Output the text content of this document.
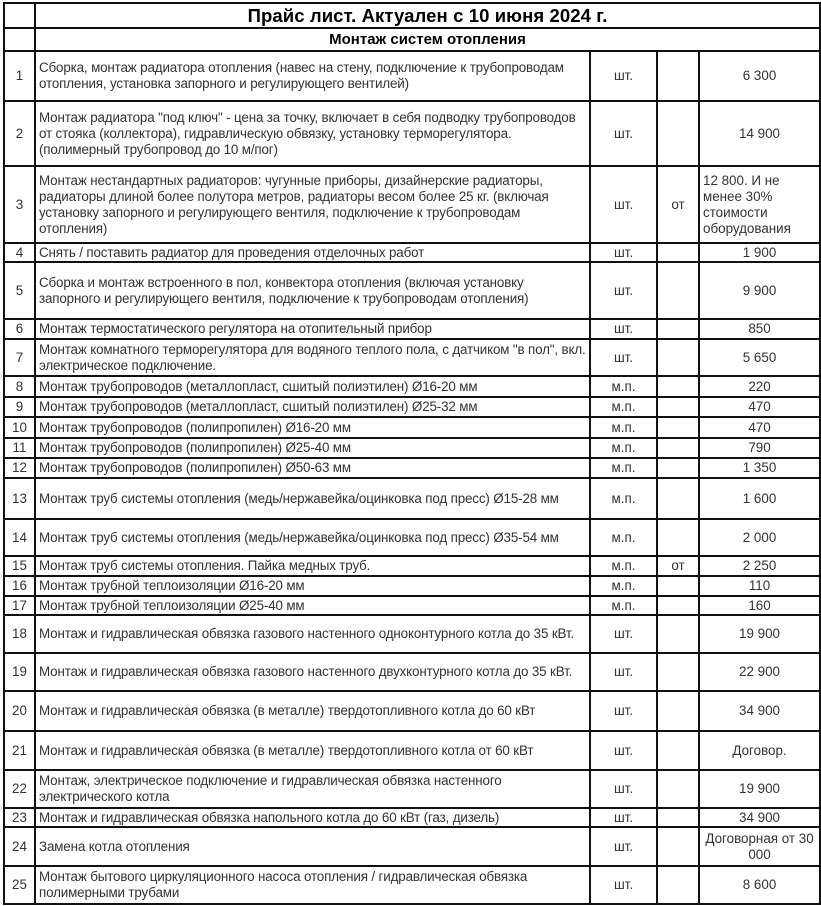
	Прайс лист. Актуален с 10 июня 2024 г.			
	Монтаж систем отопления			
1	Сборка, монтаж радиатора отопления (навес на стену, подключение к трубопроводам отопления, установка запорного и регулирующего вентилей)	шт.		6 300
2	Монтаж радиатора "под ключ" - цена за точку, включает в себя подводку трубопроводов от стояка (коллектора), гидравлическую обвязку, установку терморегулятора. (полимерный трубопровод до 10 м/пог)	шт.		14 900
3	Монтаж нестандартных радиаторов: чугунные приборы, дизайнерские радиаторы, радиаторы длиной более полутора метров, радиаторы весом более 25 кг. (включая установку запорного и регулирующего вентиля, подключение к трубопроводам отопления)	шт.	от	12 800. И не менее 30% стоимости оборудования
4	Снять / поставить радиатор для проведения отделочных работ	шт.		1 900
5	Сборка и монтаж встроенного в пол, конвектора отопления (включая установку запорного и регулирующего вентиля, подключение к трубопроводам отопления)	шт.		9 900
6	Монтаж термостатического регулятора на отопительный прибор	шт.		850
7	Монтаж комнатного терморегулятора для водяного теплого пола, с датчиком "в пол", вкл. электрическое подключение.	шт.		5 650
8	Монтаж трубопроводов (металлопласт, сшитый полиэтилен) Ø16-20 мм	м.п.		220
9	Монтаж трубопроводов (металлопласт, сшитый полиэтилен) Ø25-32 мм	м.п.		470
10	Монтаж трубопроводов (полипропилен) Ø16-20 мм	м.п.		470
11	Монтаж трубопроводов (полипропилен) Ø25-40 мм	м.п.		790
12	Монтаж трубопроводов (полипропилен) Ø50-63 мм	м.п.		1 350
13	Монтаж труб системы отопления (медь/нержавейка/оцинковка под пресс) Ø15-28 мм	м.п.		1 600
14	Монтаж труб системы отопления (медь/нержавейка/оцинковка под пресс) Ø35-54 мм	м.п.		2 000
15	Монтаж труб системы отопления. Пайка медных труб.	м.п.	от	2 250
16	Монтаж трубной теплоизоляции Ø16-20 мм	м.п.		110
17	Монтаж трубной теплоизоляции Ø25-40 мм	м.п.		160
18	Монтаж и гидравлическая обвязка газового настенного одноконтурного котла до 35 кВт.	шт.		19 900
19	Монтаж и гидравлическая обвязка газового настенного двухконтурного котла до 35 кВт.	шт.		22 900
20	Монтаж и гидравлическая обвязка (в металле) твердотопливного котла до 60 кВт	шт.		34 900
21	Монтаж и гидравлическая обвязка (в металле) твердотопливного котла от 60 кВт	шт.		Договор.
22	Монтаж, электрическое подключение и гидравлическая обвязка настенного электрического котла	шт.		19 900
23	Монтаж и гидравлическая обвязка напольного котла до 60 кВт (газ, дизель)	шт.		34 900
24	Замена котла отопления	шт.		Договорная от 30 000
25	Монтаж бытового циркуляционного насоса отопления / гидравлическая обвязка полимерными трубами	шт.		8 600
